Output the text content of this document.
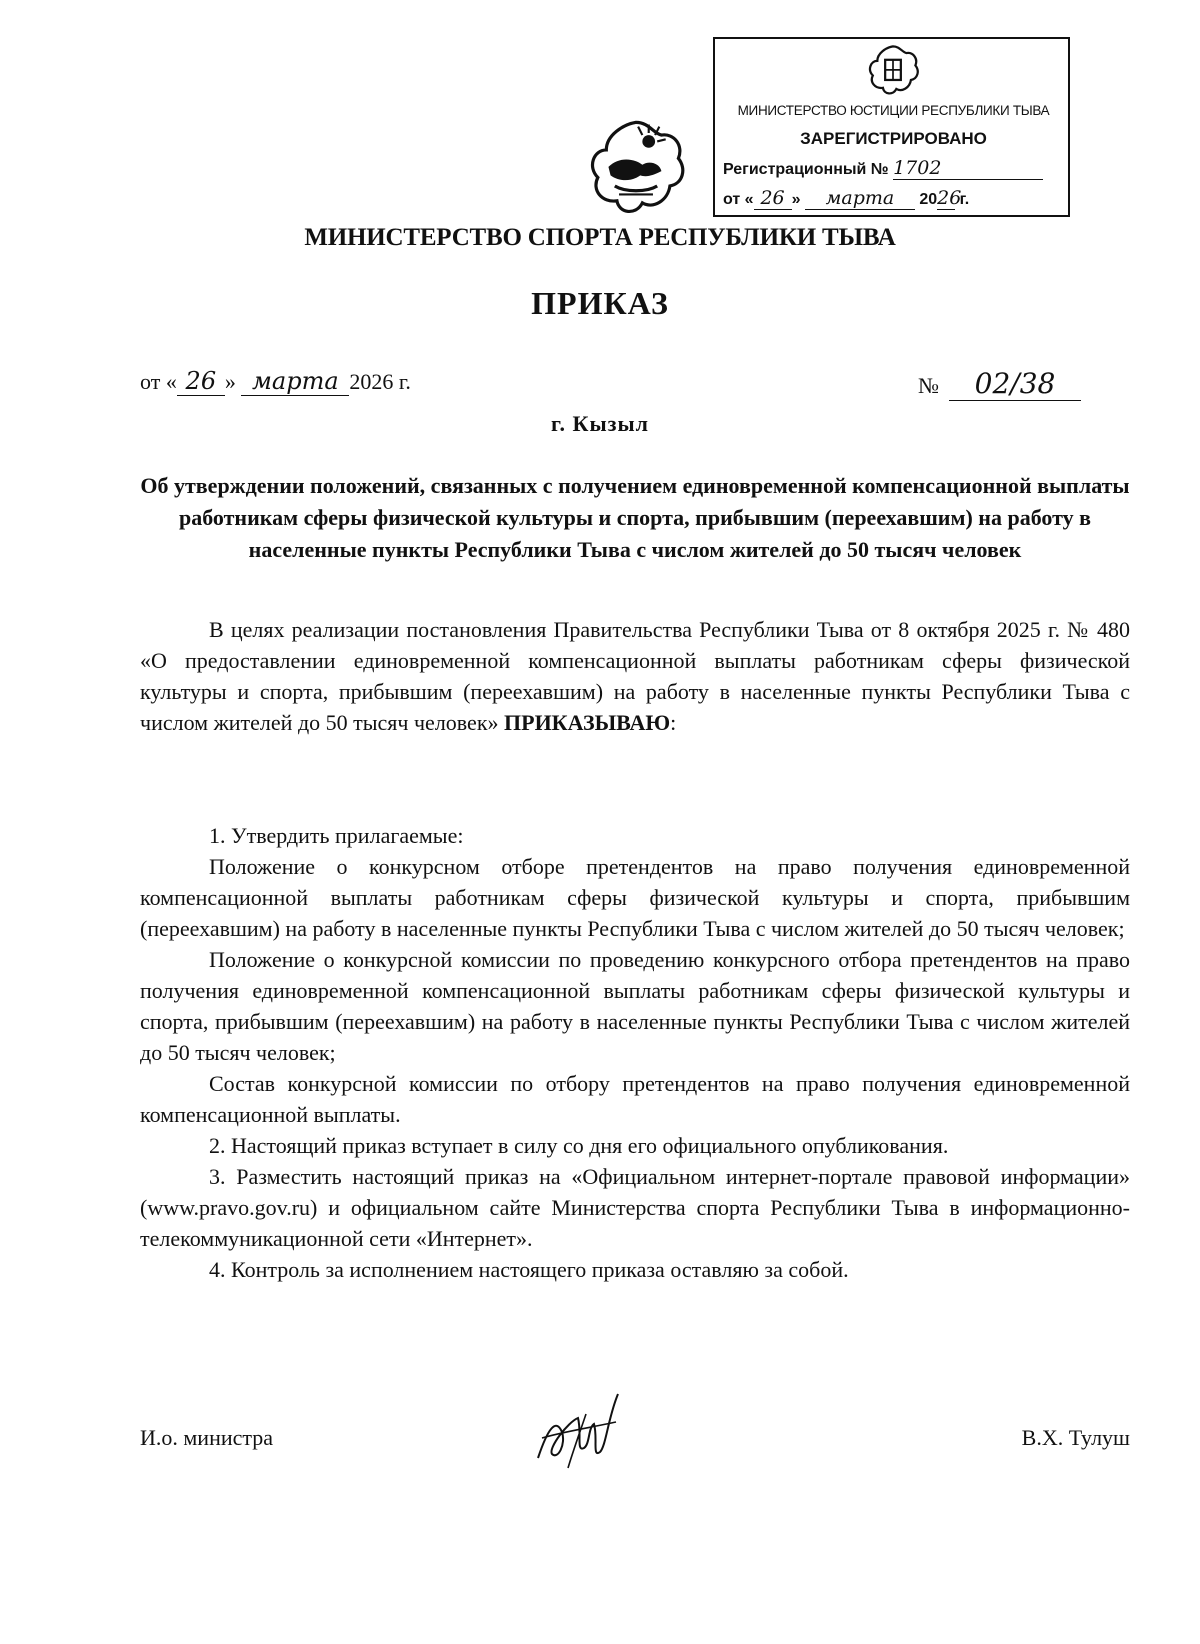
МИНИСТЕРСТВО ЮСТИЦИИ РЕСПУБЛИКИ ТЫВА
ЗАРЕГИСТРИРОВАНО
Регистрационный № 1702
от « 26 » марта 2026 г.
МИНИСТЕРСТВО СПОРТА РЕСПУБЛИКИ ТЫВА
ПРИКАЗ
от « 26 » марта 2026 г.	№ 02/38
г. Кызыл
Об утверждении положений, связанных с получением единовременной компенсационной выплаты работникам сферы физической культуры и спорта, прибывшим (переехавшим) на работу в населенные пункты Республики Тыва с числом жителей до 50 тысяч человек

В целях реализации постановления Правительства Республики Тыва от 8 октября 2025 г. № 480 «О предоставлении единовременной компенсационной выплаты работникам сферы физической культуры и спорта, прибывшим (переехавшим) на работу в населенные пункты Республики Тыва с числом жителей до 50 тысяч человек» ПРИКАЗЫВАЮ:

1. Утвердить прилагаемые:

Положение о конкурсном отборе претендентов на право получения единовременной компенсационной выплаты работникам сферы физической культуры и спорта, прибывшим (переехавшим) на работу в населенные пункты Республики Тыва с числом жителей до 50 тысяч человек;

Положение о конкурсной комиссии по проведению конкурсного отбора претендентов на право получения единовременной компенсационной выплаты работникам сферы физической культуры и спорта, прибывшим (переехавшим) на работу в населенные пункты Республики Тыва с числом жителей до 50 тысяч человек;

Состав конкурсной комиссии по отбору претендентов на право получения единовременной компенсационной выплаты.

2. Настоящий приказ вступает в силу со дня его официального опубликования.

3. Разместить настоящий приказ на «Официальном интернет-портале правовой информации» (www.pravo.gov.ru) и официальном сайте Министерства спорта Республики Тыва в информационно-телекоммуникационной сети «Интернет».

4. Контроль за исполнением настоящего приказа оставляю за собой.

И.о. министра	В.Х. Тулуш
